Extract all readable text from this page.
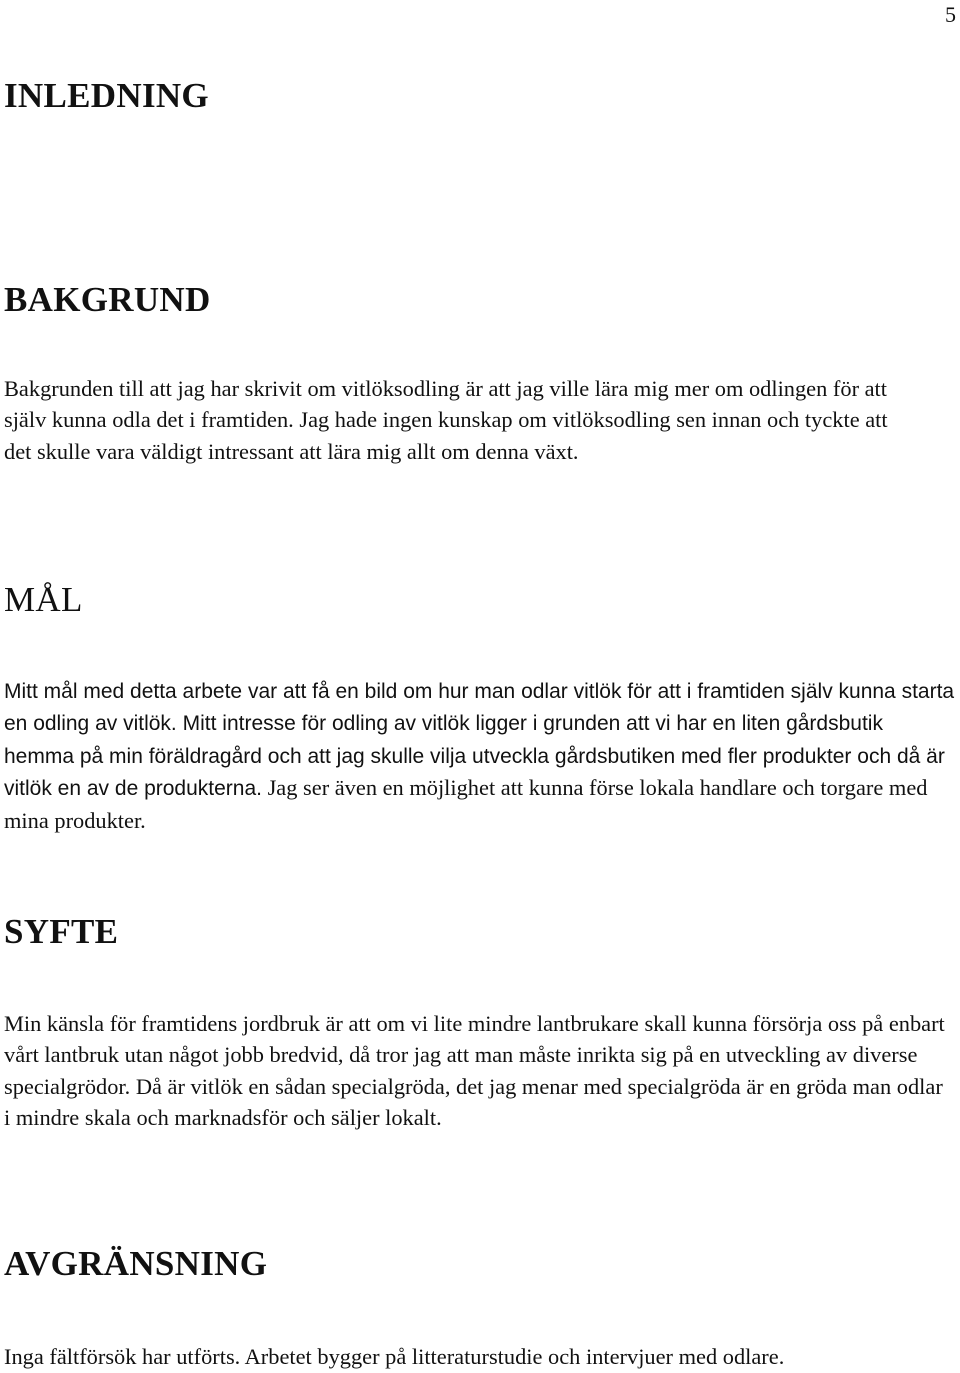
5
INLEDNING
BAKGRUND

Bakgrunden till att jag har skrivit om vitlöksodling är att jag ville lära mig mer om odlingen för att själv kunna odla det i framtiden. Jag hade ingen kunskap om vitlöksodling sen innan och tyckte att det skulle vara väldigt intressant att lära mig allt om denna växt.

MÅL

Mitt mål med detta arbete var att få en bild om hur man odlar vitlök för att i framtiden själv kunna starta en odling av vitlök. Mitt intresse för odling av vitlök ligger i grunden att vi har en liten gårdsbutik hemma på min föräldragård och att jag skulle vilja utveckla gårdsbutiken med fler produkter och då är vitlök en av de produkterna. Jag ser även en möjlighet att kunna förse lokala handlare och torgare med mina produkter.

SYFTE

Min känsla för framtidens jordbruk är att om vi lite mindre lantbrukare skall kunna försörja oss på enbart vårt lantbruk utan något jobb bredvid, då tror jag att man måste inrikta sig på en utveckling av diverse specialgrödor. Då är vitlök en sådan specialgröda, det jag menar med specialgröda är en gröda man odlar i mindre skala och marknadsför och säljer lokalt.

AVGRÄNSNING

Inga fältförsök har utförts. Arbetet bygger på litteraturstudie och intervjuer med odlare.
